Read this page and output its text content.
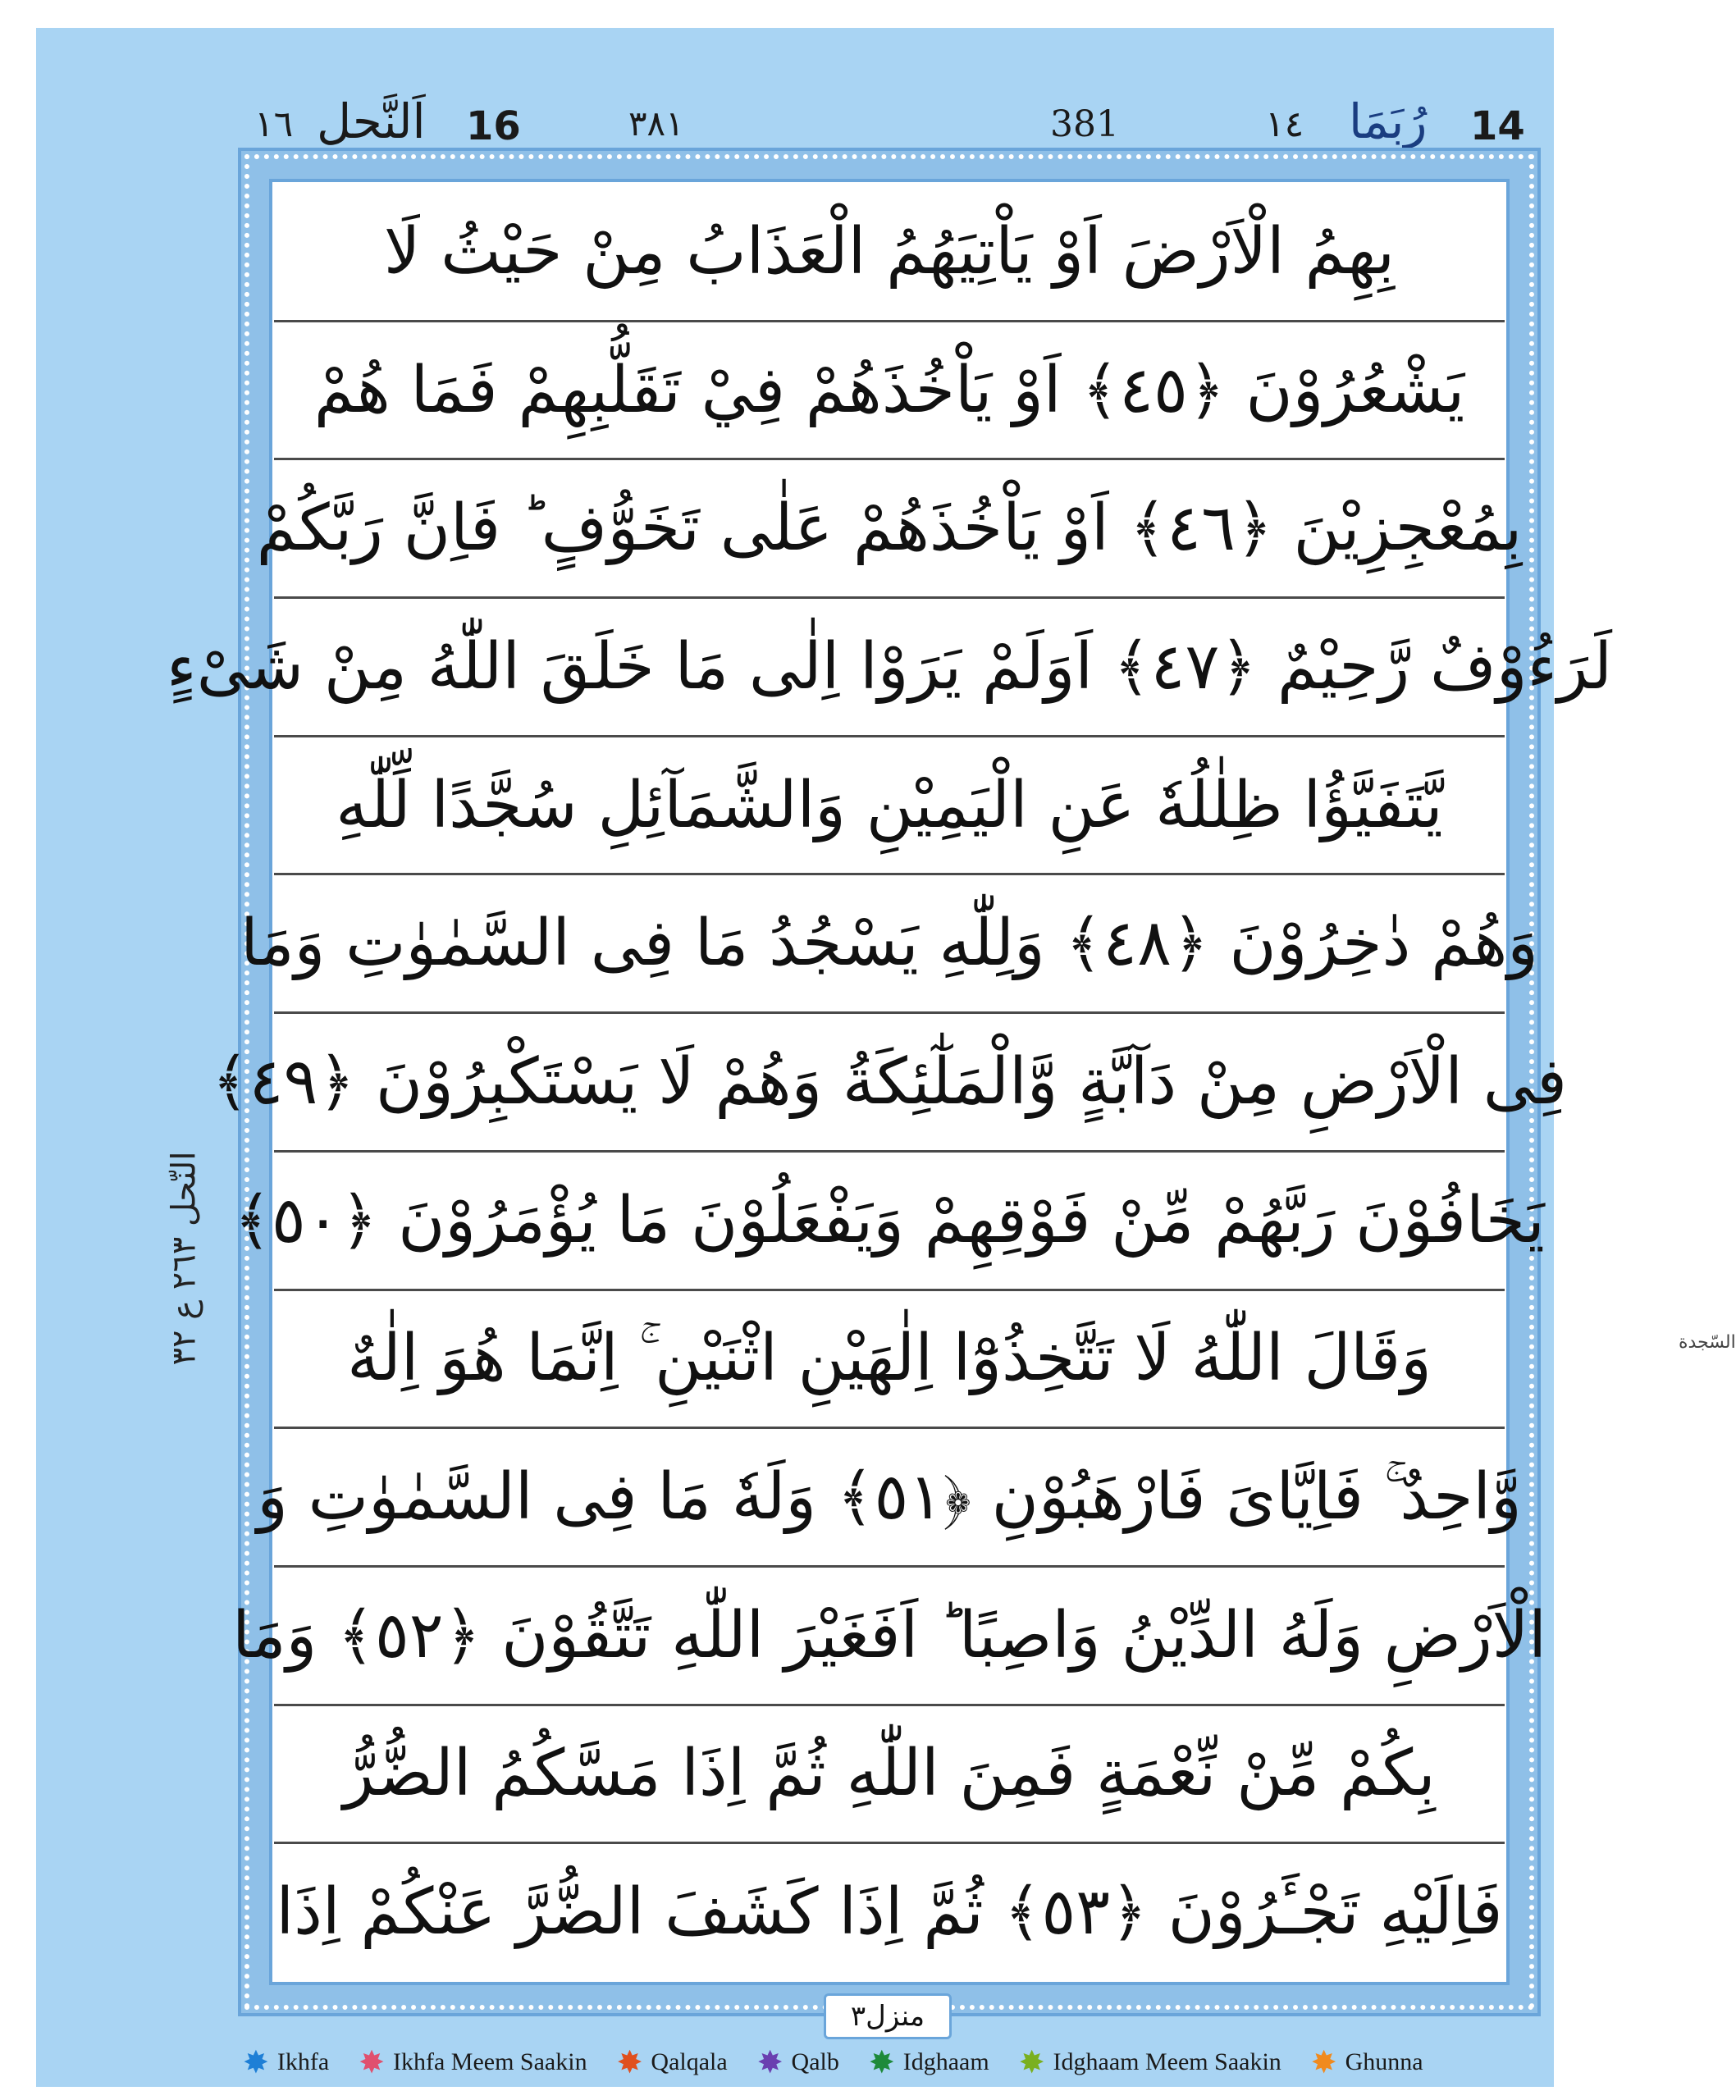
١٦ اَلنَّحل 16	٣٨١	381	١٤ رُبَمَا 14
النّحل ٢٦٣ ع ٣٢
بِهِمُ الْاَرْضَ اَوْ يَاْتِيَهُمُ الْعَذَابُ مِنْ حَيْثُ لَا
يَشْعُرُوْنَ ﴿٤٥﴾ اَوْ يَاْخُذَهُمْ فِيْ تَقَلُّبِهِمْ فَمَا هُمْ
بِمُعْجِزِيْنَ ﴿٤٦﴾ اَوْ يَاْخُذَهُمْ عَلٰى تَخَوُّفٍ ؕ فَاِنَّ رَبَّكُمْ
لَرَءُوْفٌ رَّحِيْمٌ ﴿٤٧﴾ اَوَلَمْ يَرَوْا اِلٰى مَا خَلَقَ اللّٰهُ مِنْ شَیْءٍ
يَّتَفَيَّؤُا ظِلٰلُهٗ عَنِ الْيَمِيْنِ وَالشَّمَآئِلِ سُجَّدًا لِّلّٰهِ
وَهُمْ دٰخِرُوْنَ ﴿٤٨﴾ وَلِلّٰهِ يَسْجُدُ مَا فِی السَّمٰوٰتِ وَمَا
فِی الْاَرْضِ مِنْ دَآبَّةٍ وَّالْمَلٰٓئِكَةُ وَهُمْ لَا يَسْتَكْبِرُوْنَ ﴿٤٩﴾
يَخَافُوْنَ رَبَّهُمْ مِّنْ فَوْقِهِمْ وَيَفْعَلُوْنَ مَا يُؤْمَرُوْنَ ﴿٥٠﴾
وَقَالَ اللّٰهُ لَا تَتَّخِذُوْٓا اِلٰهَيْنِ اثْنَيْنِ ۚ اِنَّمَا هُوَ اِلٰهٌ
وَّاحِدٌ ۚ فَاِيَّایَ فَارْهَبُوْنِ ﴿٥١﴾ وَلَهٗ مَا فِی السَّمٰوٰتِ وَ
الْاَرْضِ وَلَهُ الدِّيْنُ وَاصِبًا ؕ اَفَغَيْرَ اللّٰهِ تَتَّقُوْنَ ﴿٥٢﴾ وَمَا
بِكُمْ مِّنْ نِّعْمَةٍ فَمِنَ اللّٰهِ ثُمَّ اِذَا مَسَّكُمُ الضُّرُّ
فَاِلَيْهِ تَجْـَٔرُوْنَ ﴿٥٣﴾ ثُمَّ اِذَا كَشَفَ الضُّرَّ عَنْكُمْ اِذَا
السّجدة
منزل٣
✸ Ikhfa ✸ Ikhfa Meem Saakin ✸ Qalqala ✸ Qalb ✸ Idghaam ✸ Idghaam Meem Saakin ✸ Ghunna
